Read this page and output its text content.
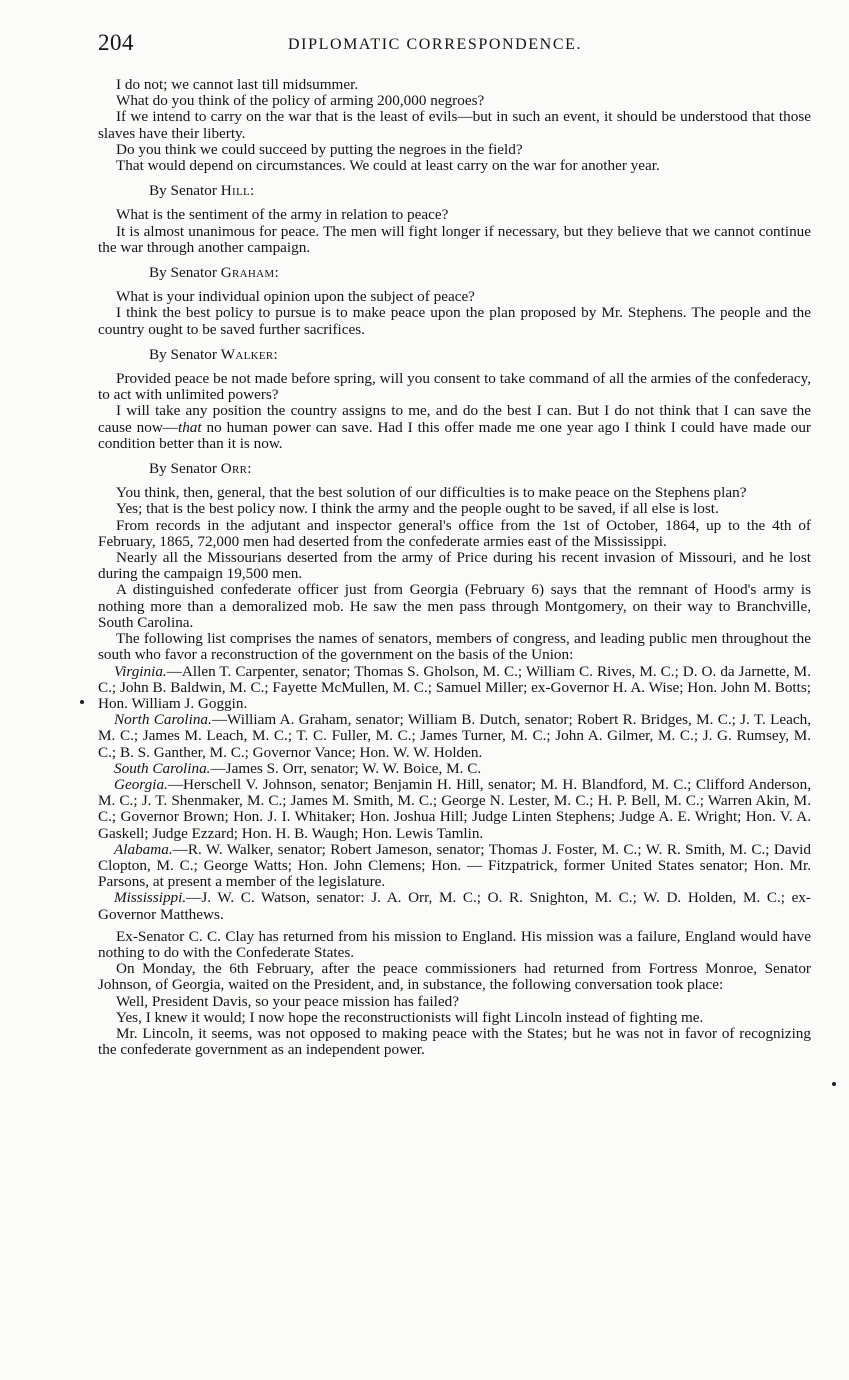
204	DIPLOMATIC CORRESPONDENCE.

I do not; we cannot last till midsummer.

What do you think of the policy of arming 200,000 negroes?

If we intend to carry on the war that is the least of evils—but in such an event, it should be understood that those slaves have their liberty.

Do you think we could succeed by putting the negroes in the field?

That would depend on circumstances. We could at least carry on the war for another year.

By Senator Hill:

What is the sentiment of the army in relation to peace?

It is almost unanimous for peace. The men will fight longer if necessary, but they believe that we cannot continue the war through another campaign.

By Senator Graham:

What is your individual opinion upon the subject of peace?

I think the best policy to pursue is to make peace upon the plan proposed by Mr. Stephens. The people and the country ought to be saved further sacrifices.

By Senator Walker:

Provided peace be not made before spring, will you consent to take command of all the armies of the confederacy, to act with unlimited powers?

I will take any position the country assigns to me, and do the best I can. But I do not think that I can save the cause now—that no human power can save. Had I this offer made me one year ago I think I could have made our condition better than it is now.

By Senator Orr:

You think, then, general, that the best solution of our difficulties is to make peace on the Stephens plan?

Yes; that is the best policy now. I think the army and the people ought to be saved, if all else is lost.

From records in the adjutant and inspector general's office from the 1st of October, 1864, up to the 4th of February, 1865, 72,000 men had deserted from the confederate armies east of the Mississippi.

Nearly all the Missourians deserted from the army of Price during his recent invasion of Missouri, and he lost during the campaign 19,500 men.

A distinguished confederate officer just from Georgia (February 6) says that the remnant of Hood's army is nothing more than a demoralized mob. He saw the men pass through Montgomery, on their way to Branchville, South Carolina.

The following list comprises the names of senators, members of congress, and leading public men throughout the south who favor a reconstruction of the government on the basis of the Union:

Virginia.—Allen T. Carpenter, senator; Thomas S. Gholson, M. C.; William C. Rives, M. C.; D. O. da Jarnette, M. C.; John B. Baldwin, M. C.; Fayette McMullen, M. C.; Samuel Miller; ex-Governor H. A. Wise; Hon. John M. Botts; Hon. William J. Goggin.

North Carolina.—William A. Graham, senator; William B. Dutch, senator; Robert R. Bridges, M. C.; J. T. Leach, M. C.; James M. Leach, M. C.; T. C. Fuller, M. C.; James Turner, M. C.; John A. Gilmer, M. C.; J. G. Rumsey, M. C.; B. S. Ganther, M. C.; Governor Vance; Hon. W. W. Holden.

South Carolina.—James S. Orr, senator; W. W. Boice, M. C.

Georgia.—Herschell V. Johnson, senator; Benjamin H. Hill, senator; M. H. Blandford, M. C.; Clifford Anderson, M. C.; J. T. Shenmaker, M. C.; James M. Smith, M. C.; George N. Lester, M. C.; H. P. Bell, M. C.; Warren Akin, M. C.; Governor Brown; Hon. J. I. Whitaker; Hon. Joshua Hill; Judge Linten Stephens; Judge A. E. Wright; Hon. V. A. Gaskell; Judge Ezzard; Hon. H. B. Waugh; Hon. Lewis Tamlin.

Alabama.—R. W. Walker, senator; Robert Jameson, senator; Thomas J. Foster, M. C.; W. R. Smith, M. C.; David Clopton, M. C.; George Watts; Hon. John Clemens; Hon. — Fitzpatrick, former United States senator; Hon. Mr. Parsons, at present a member of the legislature.

Mississippi.—J. W. C. Watson, senator: J. A. Orr, M. C.; O. R. Snighton, M. C.; W. D. Holden, M. C.; ex-Governor Matthews.

Ex-Senator C. C. Clay has returned from his mission to England. His mission was a failure, England would have nothing to do with the Confederate States.

On Monday, the 6th February, after the peace commissioners had returned from Fortress Monroe, Senator Johnson, of Georgia, waited on the President, and, in substance, the following conversation took place:

Well, President Davis, so your peace mission has failed?

Yes, I knew it would; I now hope the reconstructionists will fight Lincoln instead of fighting me.

Mr. Lincoln, it seems, was not opposed to making peace with the States; but he was not in favor of recognizing the confederate government as an independent power.
